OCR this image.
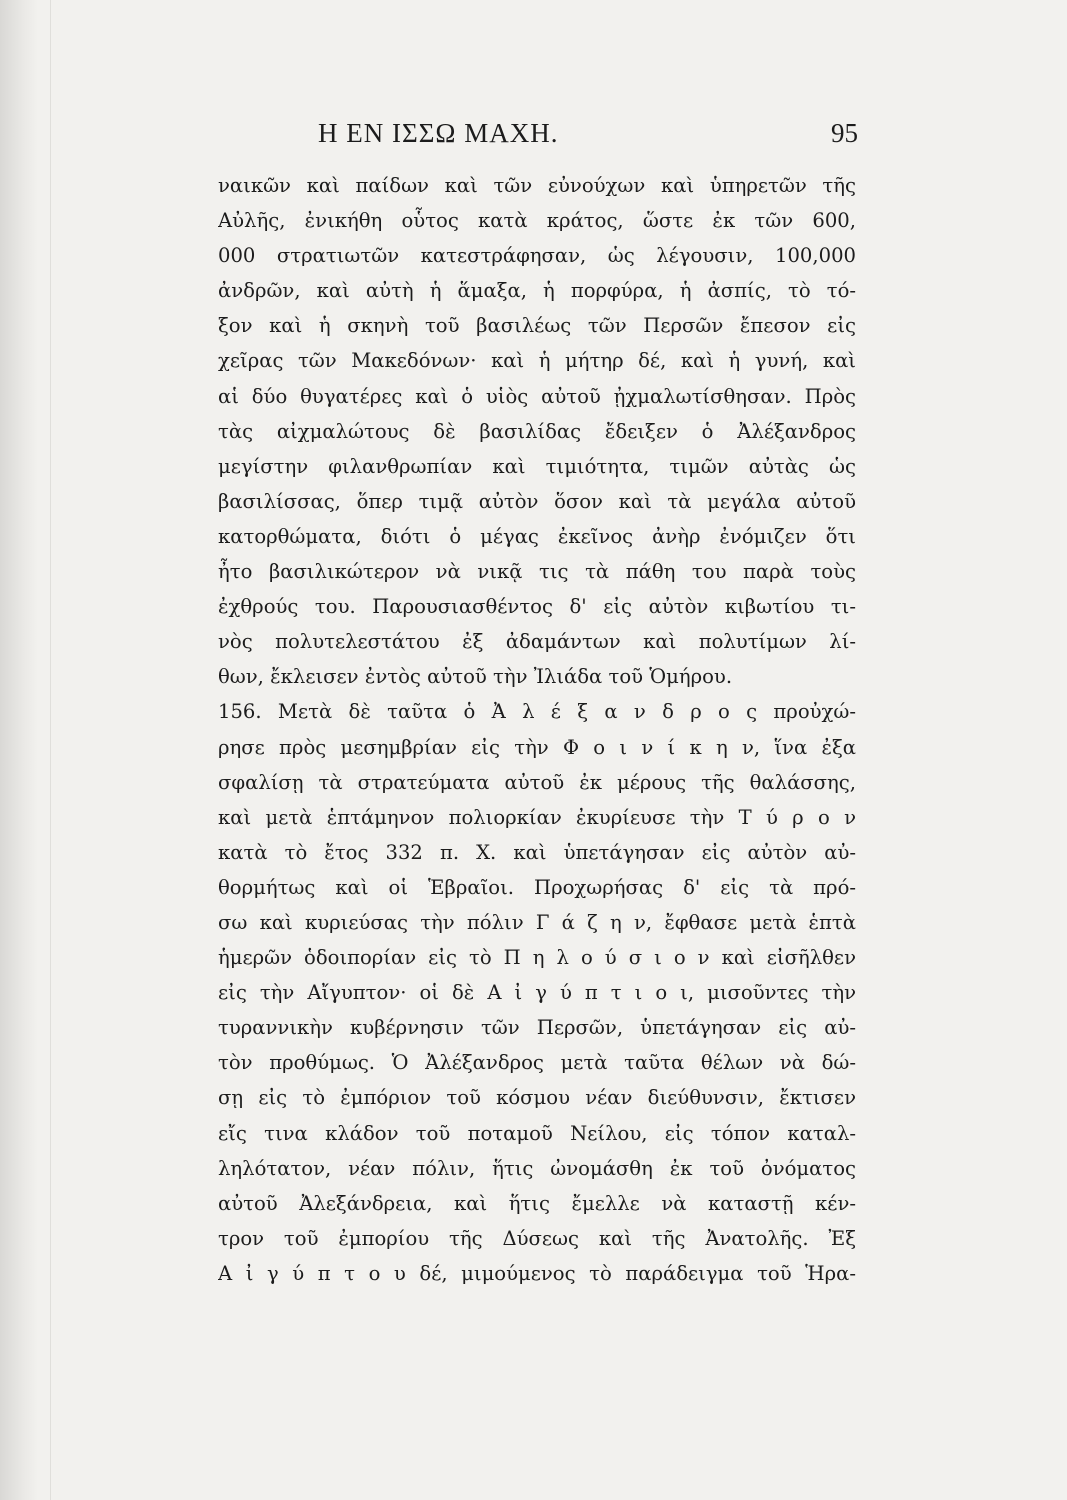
Η ΕΝ ΙΣΣΩ ΜΑΧΗ.	95
ναικῶν καὶ παίδων καὶ τῶν εὐνούχων καὶ ὑπηρετῶν τῆς
Αὐλῆς, ἐνικήθη οὗτος κατὰ κράτος, ὥστε ἐκ τῶν 600,
000 στρατιωτῶν κατεστράφησαν, ὡς λέγουσιν, 100,000
ἀνδρῶν, καὶ αὐτὴ ἡ ἅμαξα, ἡ πορφύρα, ἡ ἀσπίς, τὸ τό-
ξον καὶ ἡ σκηνὴ τοῦ βασιλέως τῶν Περσῶν ἔπεσον εἰς
χεῖρας τῶν Μακεδόνων· καὶ ἡ μήτηρ δέ, καὶ ἡ γυνή, καὶ
αἱ δύο θυγατέρες καὶ ὁ υἱὸς αὐτοῦ ᾐχμαλωτίσθησαν. Πρὸς
τὰς αἰχμαλώτους δὲ βασιλίδας ἔδειξεν ὁ Ἀλέξανδρος
μεγίστην φιλανθρωπίαν καὶ τιμιότητα, τιμῶν αὐτὰς ὡς
βασιλίσσας, ὅπερ τιμᾷ αὐτὸν ὅσον καὶ τὰ μεγάλα αὐτοῦ
κατορθώματα, διότι ὁ μέγας ἐκεῖνος ἀνὴρ ἐνόμιζεν ὅτι
ἦτο βασιλικώτερον νὰ νικᾷ τις τὰ πάθη του παρὰ τοὺς
ἐχθρούς του. Παρουσιασθέντος δ' εἰς αὐτὸν κιβωτίου τι-
νὸς πολυτελεστάτου ἐξ ἀδαμάντων καὶ πολυτίμων λί-
θων, ἔκλεισεν ἐντὸς αὐτοῦ τὴν Ἰλιάδα τοῦ Ὁμήρου.
156. Μετὰ δὲ ταῦτα ὁ Ἀ λ έ ξ α ν δ ρ ο ς προὐχώ-
ρησε πρὸς μεσημβρίαν εἰς τὴν Φ ο ι ν ί κ η ν, ἵνα ἐξα
σφαλίσῃ τὰ στρατεύματα αὐτοῦ ἐκ μέρους τῆς θαλάσσης,
καὶ μετὰ ἑπτάμηνον πολιορκίαν ἐκυρίευσε τὴν Τ ύ ρ ο ν
κατὰ τὸ ἔτος 332 π. Χ. καὶ ὑπετάγησαν εἰς αὐτὸν αὐ-
θορμήτως καὶ οἱ Ἑβραῖοι. Προχωρήσας δ' εἰς τὰ πρό-
σω καὶ κυριεύσας τὴν πόλιν Γ ά ζ η ν, ἔφθασε μετὰ ἑπτὰ
ἡμερῶν ὁδοιπορίαν εἰς τὸ Π η λ ο ύ σ ι ο ν καὶ εἰσῆλθεν
εἰς τὴν Αἴγυπτον· οἱ δὲ Α ἰ γ ύ π τ ι ο ι, μισοῦντες τὴν
τυραννικὴν κυβέρνησιν τῶν Περσῶν, ὑπετάγησαν εἰς αὐ-
τὸν προθύμως. Ὁ Ἀλέξανδρος μετὰ ταῦτα θέλων νὰ δώ-
σῃ εἰς τὸ ἐμπόριον τοῦ κόσμου νέαν διεύθυνσιν, ἔκτισεν
εἴς τινα κλάδον τοῦ ποταμοῦ Νείλου, εἰς τόπον καταλ-
ληλότατον, νέαν πόλιν, ἥτις ὠνομάσθη ἐκ τοῦ ὀνόματος
αὐτοῦ Ἀλεξάνδρεια, καὶ ἥτις ἔμελλε νὰ καταστῇ κέν-
τρον τοῦ ἐμπορίου τῆς Δύσεως καὶ τῆς Ἀνατολῆς. Ἐξ
Α ἰ γ ύ π τ ο υ δέ, μιμούμενος τὸ παράδειγμα τοῦ Ἡρα-
